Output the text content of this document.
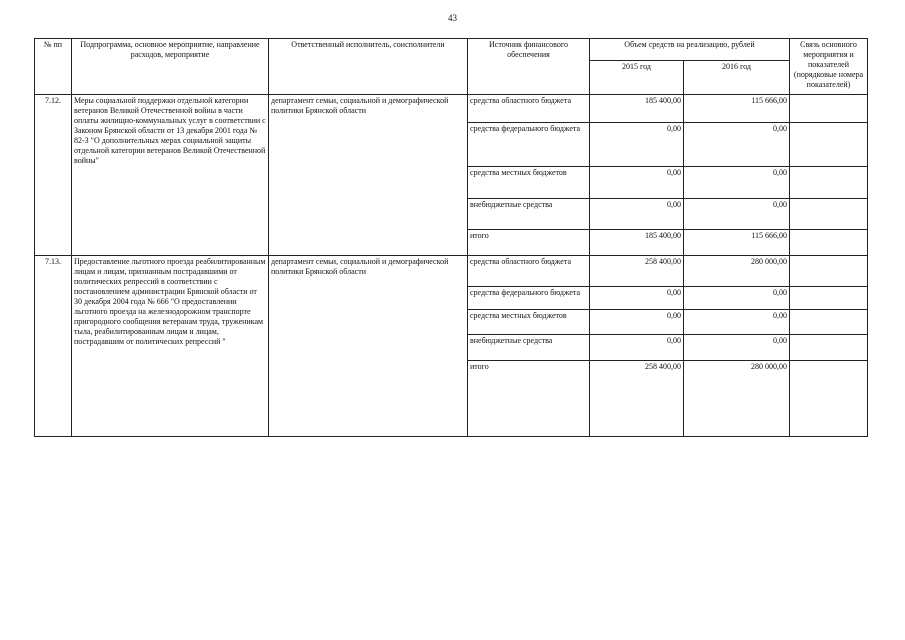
43
№ пп	Подпрограмма, основное мероприятие, направление расходов, мероприятие	Ответственный исполнитель, соисполнители	Источник финансового обеспечения	Объем средств на реализацию, рублей		Связь основного мероприятия и показателей (порядковые номера показателей)
				2015 год	2016 год	
7.12.	Меры социальной поддержки отдельной категории ветеранов Великой Отечественной войны в части оплаты жилищно-коммунальных услуг в соответствии с Законом Брянской области от 13 декабря 2001 года № 82-З "О дополнительных мерах социальной защиты отдельной категории ветеранов Великой Отечественной войны"	департамент семьи, социальной и демографической политики Брянской области	средства областного бюджета	185 400,00	115 666,00	
			средства федерального бюджета	0,00	0,00	
			средства местных бюджетов	0,00	0,00	
			внебюджетные средства	0,00	0,00	
			итого	185 400,00	115 666,00	
7.13.	Предоставление льготного проезда реабилитированным лицам и лицам, признанным пострадавшими от политических репрессий в соответствии с постановлением администрации Брянской области от 30 декабря 2004 года № 666 "О предоставлении льготного проезда на железнодорожном транспорте пригородного сообщения ветеранам труда, труженикам тыла, реабилитированным лицам и лицам, пострадавшим от политических репрессий "	департамент семьи, социальной и демографической политики Брянской области	средства областного бюджета	258 400,00	280 000,00	
			средства федерального бюджета	0,00	0,00	
			средства местных бюджетов	0,00	0,00	
			внебюджетные средства	0,00	0,00	
			итого	258 400,00	280 000,00	
